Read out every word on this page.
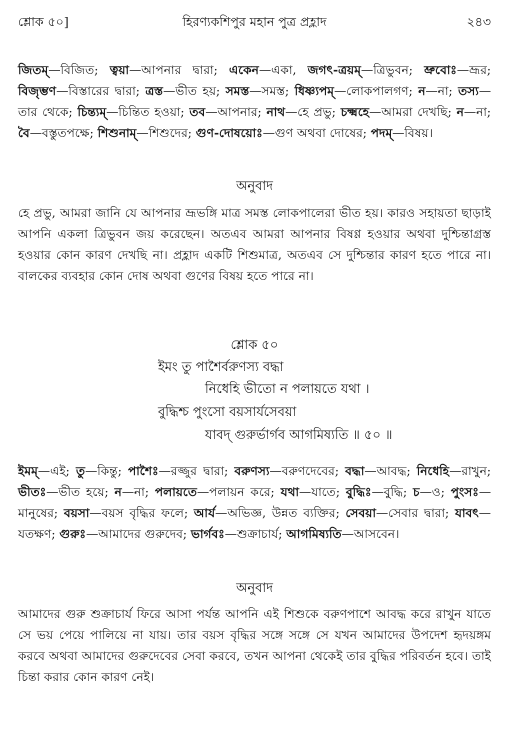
শ্লোক ৫০]	হিরণ্যকশিপুর মহান পুত্র প্রহ্লাদ	২৪৩
জিতম্—বিজিত; ত্বয়া—আপনার দ্বারা; একেন—একা, জগৎ-ত্রয়ম্—ত্রিভুবন; ভ্রুবোঃ—ভ্রূর; বিজৃম্ভণ—বিস্তারের দ্বারা; ত্রস্ত—ভীত হয়; সমস্ত—সমস্ত; ধিষ্ণ্যপম্—লোকপালগণ; ন—না; তস্য—তার থেকে; চিন্ত্যম্—চিন্তিত হওয়া; তব—আপনার; নাথ—হে প্রভু; চক্ষ্মহে—আমরা দেখছি; ন—না; বৈ—বস্তুতপক্ষে; শিশুনাম্—শিশুদের; গুণ-দোষয়োঃ—গুণ অথবা দোষের; পদম্—বিষয়।
অনুবাদ
হে প্রভু, আমরা জানি যে আপনার ভ্রূভঙ্গি মাত্র সমস্ত লোকপালেরা ভীত হয়। কারও সহায়তা ছাড়াই আপনি একলা ত্রিভুবন জয় করেছেন। অতএব আমরা আপনার বিষণ্ণ হওয়ার অথবা দুশ্চিন্তাগ্রস্ত হওয়ার কোন কারণ দেখছি না। প্রহ্লাদ একটি শিশুমাত্র, অতএব সে দুশ্চিন্তার কারণ হতে পারে না। বালকের ব্যবহার কোন দোষ অথবা গুণের বিষয় হতে পারে না।
শ্লোক ৫০
ইমং তু পাশৈর্বরুণস্য বদ্ধা
নিধেহি ভীতো ন পলায়তে যথা ।
বুদ্ধিশ্চ পুংসো বয়সার্যসেবয়া
যাবদ্ গুরুর্ভার্গব আগমিষ্যতি ॥ ৫০ ॥
ইমম্—এই; তু—কিন্তু; পাশৈঃ—রজ্জুর দ্বারা; বরুণস্য—বরুণদেবের; বদ্ধা—আবদ্ধ; নিধেহি—রাখুন; ভীতঃ—ভীত হয়ে; ন—না; পলায়তে—পলায়ন করে; যথা—যাতে; বুদ্ধিঃ—বুদ্ধি; চ—ও; পুংসঃ—মানুষের; বয়সা—বয়স বৃদ্ধির ফলে; আর্য—অভিজ্ঞ, উন্নত ব্যক্তির; সেবয়া—সেবার দ্বারা; যাবৎ—যতক্ষণ; গুরুঃ—আমাদের গুরুদেব; ভার্গবঃ—শুক্রাচার্য; আগমিষ্যতি—আসবেন।
অনুবাদ
আমাদের গুরু শুক্রাচার্য ফিরে আসা পর্যন্ত আপনি এই শিশুকে বরুণপাশে আবদ্ধ করে রাখুন যাতে সে ভয় পেয়ে পালিয়ে না যায়। তার বয়স বৃদ্ধির সঙ্গে সঙ্গে সে যখন আমাদের উপদেশ হৃদয়ঙ্গম করবে অথবা আমাদের গুরুদেবের সেবা করবে, তখন আপনা থেকেই তার বুদ্ধির পরিবর্তন হবে। তাই চিন্তা করার কোন কারণ নেই।
